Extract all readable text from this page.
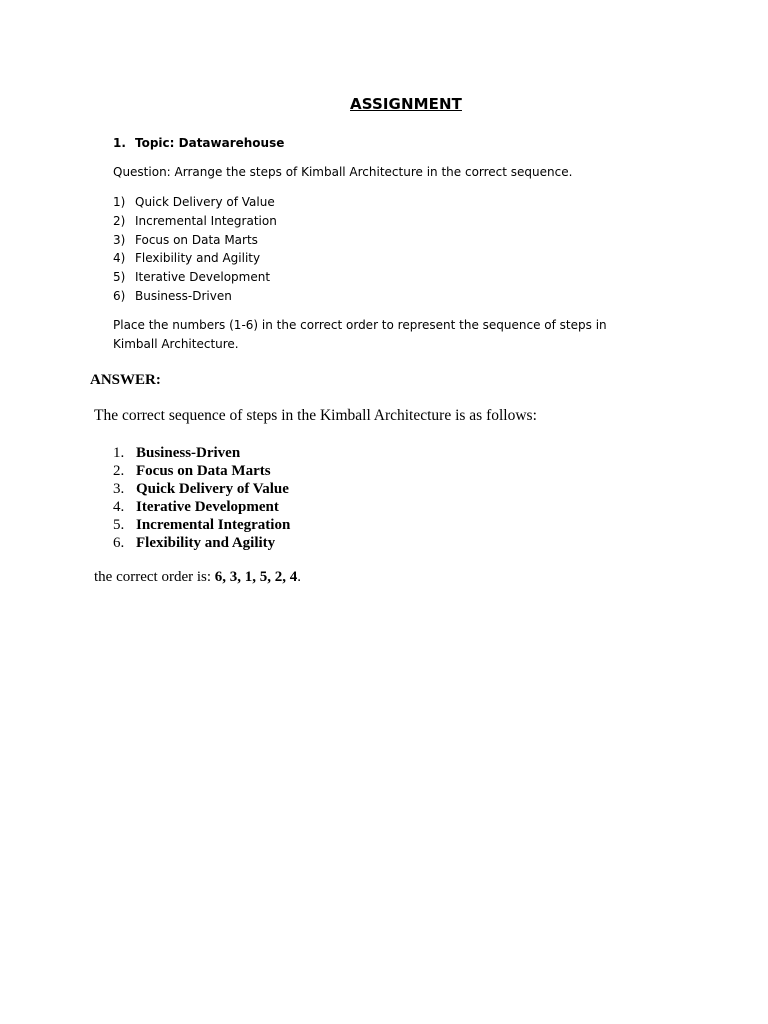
ASSIGNMENT
1. Topic: Datawarehouse
Question: Arrange the steps of Kimball Architecture in the correct sequence.
1) Quick Delivery of Value
2) Incremental Integration
3) Focus on Data Marts
4) Flexibility and Agility
5) Iterative Development
6) Business-Driven
Place the numbers (1-6) in the correct order to represent the sequence of steps in Kimball Architecture.
ANSWER:
The correct sequence of steps in the Kimball Architecture is as follows:
1. Business-Driven
2. Focus on Data Marts
3. Quick Delivery of Value
4. Iterative Development
5. Incremental Integration
6. Flexibility and Agility
the correct order is: 6, 3, 1, 5, 2, 4.
